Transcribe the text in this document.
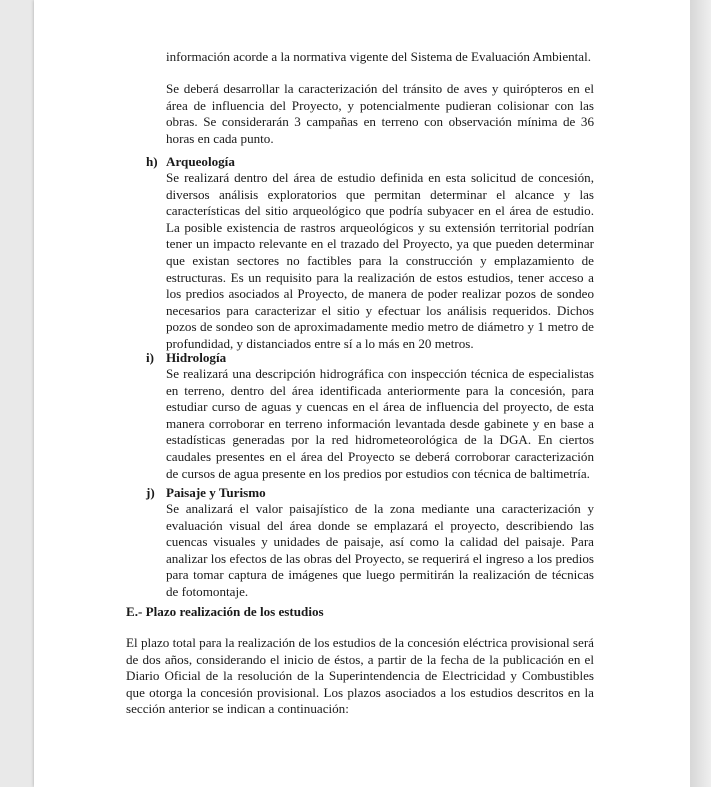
información acorde a la normativa vigente del Sistema de Evaluación Ambiental.

Se deberá desarrollar la caracterización del tránsito de aves y quirópteros en el área de influencia del Proyecto, y potencialmente pudieran colisionar con las obras. Se considerarán 3 campañas en terreno con observación mínima de 36 horas en cada punto.

h) Arqueología

Se realizará dentro del área de estudio definida en esta solicitud de concesión, diversos análisis exploratorios que permitan determinar el alcance y las características del sitio arqueológico que podría subyacer en el área de estudio. La posible existencia de rastros arqueológicos y su extensión territorial podrían tener un impacto relevante en el trazado del Proyecto, ya que pueden determinar que existan sectores no factibles para la construcción y emplazamiento de estructuras. Es un requisito para la realización de estos estudios, tener acceso a los predios asociados al Proyecto, de manera de poder realizar pozos de sondeo necesarios para caracterizar el sitio y efectuar los análisis requeridos. Dichos pozos de sondeo son de aproximadamente medio metro de diámetro y 1 metro de profundidad, y distanciados entre sí a lo más en 20 metros.

i) Hidrología

Se realizará una descripción hidrográfica con inspección técnica de especialistas en terreno, dentro del área identificada anteriormente para la concesión, para estudiar curso de aguas y cuencas en el área de influencia del proyecto, de esta manera corroborar en terreno información levantada desde gabinete y en base a estadísticas generadas por la red hidrometeorológica de la DGA. En ciertos caudales presentes en el área del Proyecto se deberá corroborar caracterización de cursos de agua presente en los predios por estudios con técnica de baltimetría.

j) Paisaje y Turismo

Se analizará el valor paisajístico de la zona mediante una caracterización y evaluación visual del área donde se emplazará el proyecto, describiendo las cuencas visuales y unidades de paisaje, así como la calidad del paisaje. Para analizar los efectos de las obras del Proyecto, se requerirá el ingreso a los predios para tomar captura de imágenes que luego permitirán la realización de técnicas de fotomontaje.

E.- Plazo realización de los estudios

El plazo total para la realización de los estudios de la concesión eléctrica provisional será de dos años, considerando el inicio de éstos, a partir de la fecha de la publicación en el Diario Oficial de la resolución de la Superintendencia de Electricidad y Combustibles que otorga la concesión provisional. Los plazos asociados a los estudios descritos en la sección anterior se indican a continuación:
